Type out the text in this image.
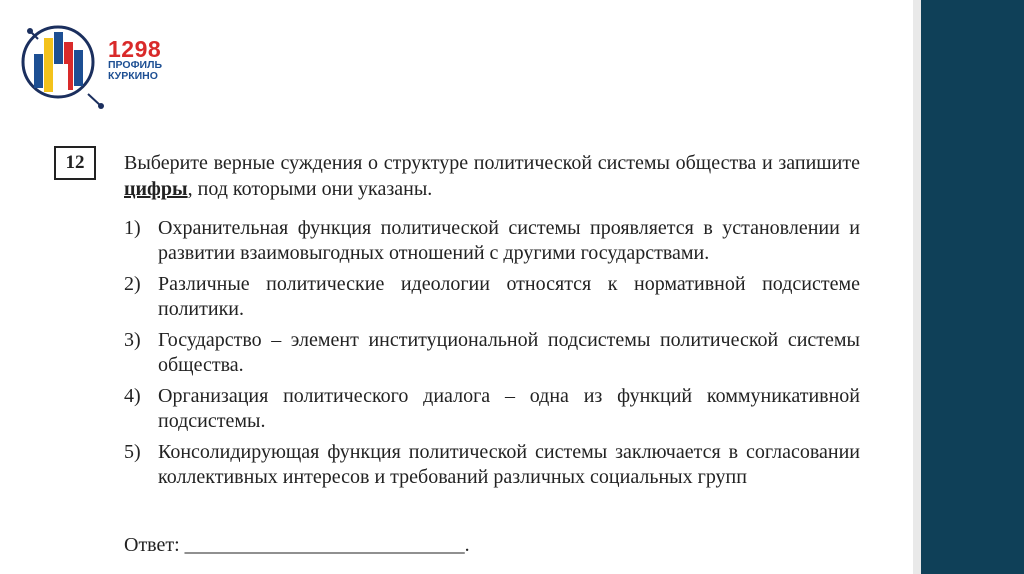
1298
ПРОФИЛЬ
КУРКИНО
12	Выберите верные суждения о структуре политической системы общества и запишите цифры, под которыми они указаны.
1) Охранительная функция политической системы проявляется в установлении и развитии взаимовыгодных отношений с другими государствами.
2) Различные политические идеологии относятся к нормативной подсистеме политики.
3) Государство – элемент институциональной подсистемы политической системы общества.
4) Организация политического диалога – одна из функций коммуникативной подсистемы.
5) Консолидирующая функция политической системы заключается в согласовании коллективных интересов и требований различных социальных групп
Ответ: ____________________________.
